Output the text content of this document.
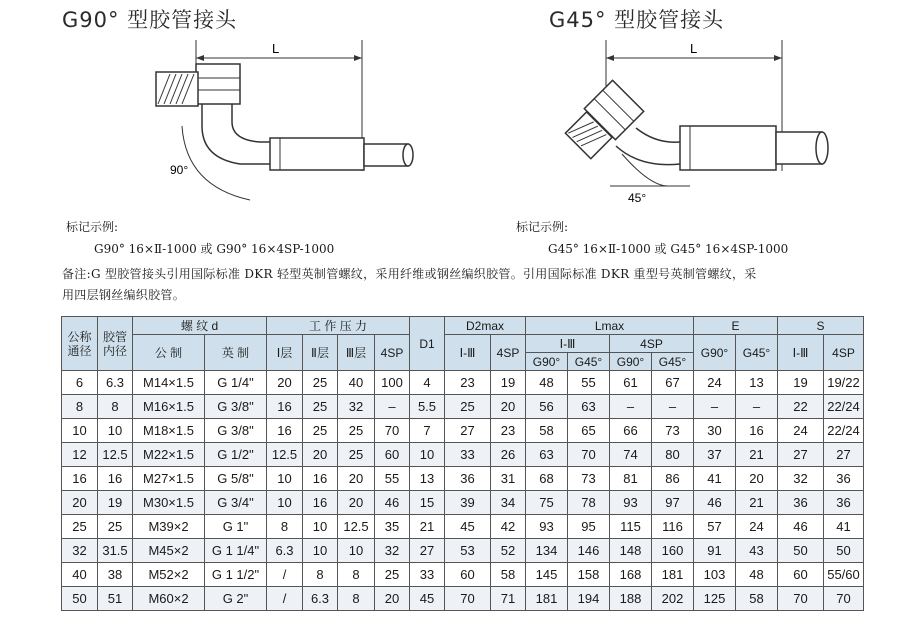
G90° 型胶管接头	G45° 型胶管接头
L
90°
标记示例:
G90° 16×Ⅱ-1000 或 G90° 16×4SP-1000
L
45°
标记示例:
G45° 16×Ⅱ-1000 或 G45° 16×4SP-1000
备注:G 型胶管接头引用国际标准 DKR 轻型英制管螺纹，采用纤维或钢丝编织胶管。引用国际标准 DKR 重型号英制管螺纹，采
用四层钢丝编织胶管。
公称
通径	胶管
内径	螺 纹 d		工 作 压 力				D1	D2max		Lmax				E		S	
		公 制	英 制	Ⅰ层	Ⅱ层	Ⅲ层	4SP		Ⅰ-Ⅲ	4SP	Ⅰ-Ⅲ		4SP		G90°	G45°	Ⅰ-Ⅲ	4SP
											G90°	G45°	G90°	G45°				
6	6.3	M14×1.5	G 1/4"	20	25	40	100	4	23	19	48	55	61	67	24	13	19	19/22
8	8	M16×1.5	G 3/8"	16	25	32	–	5.5	25	20	56	63	–	–	–	–	22	22/24
10	10	M18×1.5	G 3/8"	16	25	25	70	7	27	23	58	65	66	73	30	16	24	22/24
12	12.5	M22×1.5	G 1/2"	12.5	20	25	60	10	33	26	63	70	74	80	37	21	27	27
16	16	M27×1.5	G 5/8"	10	16	20	55	13	36	31	68	73	81	86	41	20	32	36
20	19	M30×1.5	G 3/4"	10	16	20	46	15	39	34	75	78	93	97	46	21	36	36
25	25	M39×2	G 1"	8	10	12.5	35	21	45	42	93	95	115	116	57	24	46	41
32	31.5	M45×2	G 1 1/4"	6.3	10	10	32	27	53	52	134	146	148	160	91	43	50	50
40	38	M52×2	G 1 1/2"	/	8	8	25	33	60	58	145	158	168	181	103	48	60	55/60
50	51	M60×2	G 2"	/	6.3	8	20	45	70	71	181	194	188	202	125	58	70	70
